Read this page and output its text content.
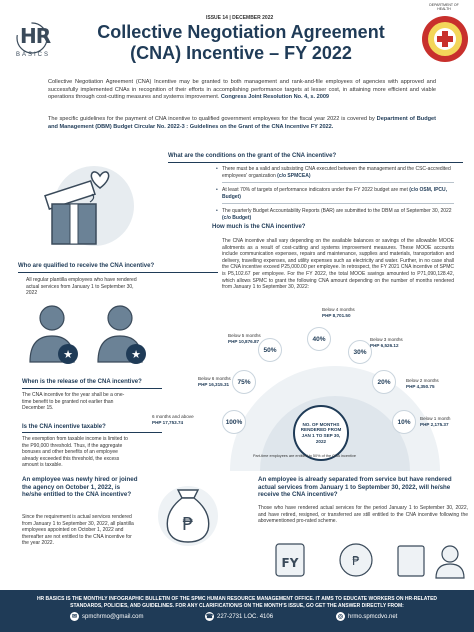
HR
BASICS
ISSUE 14 | DECEMBER 2022
DEPARTMENT OF HEALTH
Collective Negotiation Agreement
(CNA) Incentive – FY 2022
Collective Negotiation Agreement (CNA) Incentive may be granted to both management and rank-and-file employees of agencies with approved and successfully implemented CNAs in recognition of their efforts in accomplishing performance targets at lesser cost, in attaining more efficient and viable operations through cost-cutting measures and systems improvement. Congress Joint Resolution No. 4, s. 2009
The specific guidelines for the payment of CNA incentive to qualified government employees for the fiscal year 2022 is covered by Department of Budget and Management (DBM) Budget Circular No. 2022-3 : Guidelines on the Grant of the CNA Incentive FY 2022.
What are the conditions on the grant of the CNA incentive?
• There must be a valid and subsisting CNA executed between the management and the CSC-accredited employees' organization (c/o SPMCEA)
• At least 70% of targets of performance indicators under the FY 2022 budget are met (c/o OSM, IPCU, Budget)
• The quarterly Budget Accountability Reports (BAR) are submitted to the DBM as of September 30, 2022 (c/o Budget)
How much is the CNA incentive?
The CNA incentive shall vary depending on the available balances or savings of the allowable MOOE allotments as a result of cost-cutting and systems improvement measures. These MOOE accounts include communication expenses, repairs and maintenance, supplies and materials, transportation and delivery, travelling expenses, and utility expenses such as electricity and water. Further, in no case shall the CNA incentive exceed P25,000.00 per employee. In retrospect, the FY 2021 CNA incentive of SPMC is P5,102.67 per employee. For the FY 2022, the total MOOE savings amounted to P71,090,128.42, which allows SPMC to grant the following CNA amount depending on the number of months rendered from January 1 to September 30, 2022:
Who are qualified to receive the CNA incentive?
All regular plantilla employees who have rendered actual services from January 1 to September 30, 2022
★	★
When is the release of the CNA incentive?
The CNA incentive for the year shall be a one-time benefit to be granted not earlier than December 15.
Is the CNA incentive taxable?
The exemption from taxable income is limited to the P90,000 threshold. Thus, if the aggregate bonuses and other benefits of an employee already exceeded this threshold, the excess amount is taxable.
100%
75%
50%
40%
30%
20%
10%
6 months and above
PHP 17,753.74
Below 6 months
PHP 16,315.31
Below 5 months
PHP 10,876.87
Below 4 months
PHP 8,701.50
Below 3 months
PHP 6,526.12
Below 2 months
PHP 4,350.75
Below 1 month
PHP 2,175.37
NO. OF MONTHS RENDERED FROM JAN 1 TO SEP 30, 2022
Part-time employees are entitled to 50% of the CNA incentive
An employee was newly hired or joined the agency on October 1, 2022, is he/she entitled to the CNA incentive?
Since the requirement is actual services rendered from January 1 to September 30, 2022, all plantilla employees appointed on October 1, 2022 and thereafter are not entitled to the CNA incentive for the year 2022.
₱
An employee is already separated from service but have rendered actual services from January 1 to September 30, 2022, will he/she receive the CNA incentive?
Those who have rendered actual services for the period January 1 to September 30, 2022, and have retired, resigned, or transferred are still entitled to the CNA incentive following the abovementioned pro-rated scheme.
FY	₱
HR BASICS IS THE MONTHLY INFOGRAPHIC BULLETIN OF THE SPMC HUMAN RESOURCE MANAGEMENT OFFICE. IT AIMS TO EDUCATE WORKERS ON HR-RELATED STANDARDS, POLICIES, AND GUIDELINES. FOR ANY CLARIFICATION/S ON THE MONTH'S ISSUE, GO GET THE ANSWER DIRECTLY FROM:
✉ spmchrmo@gmail.com	☎ 227-2731 LOC. 4106	◎ hrmo.spmcdvo.net
